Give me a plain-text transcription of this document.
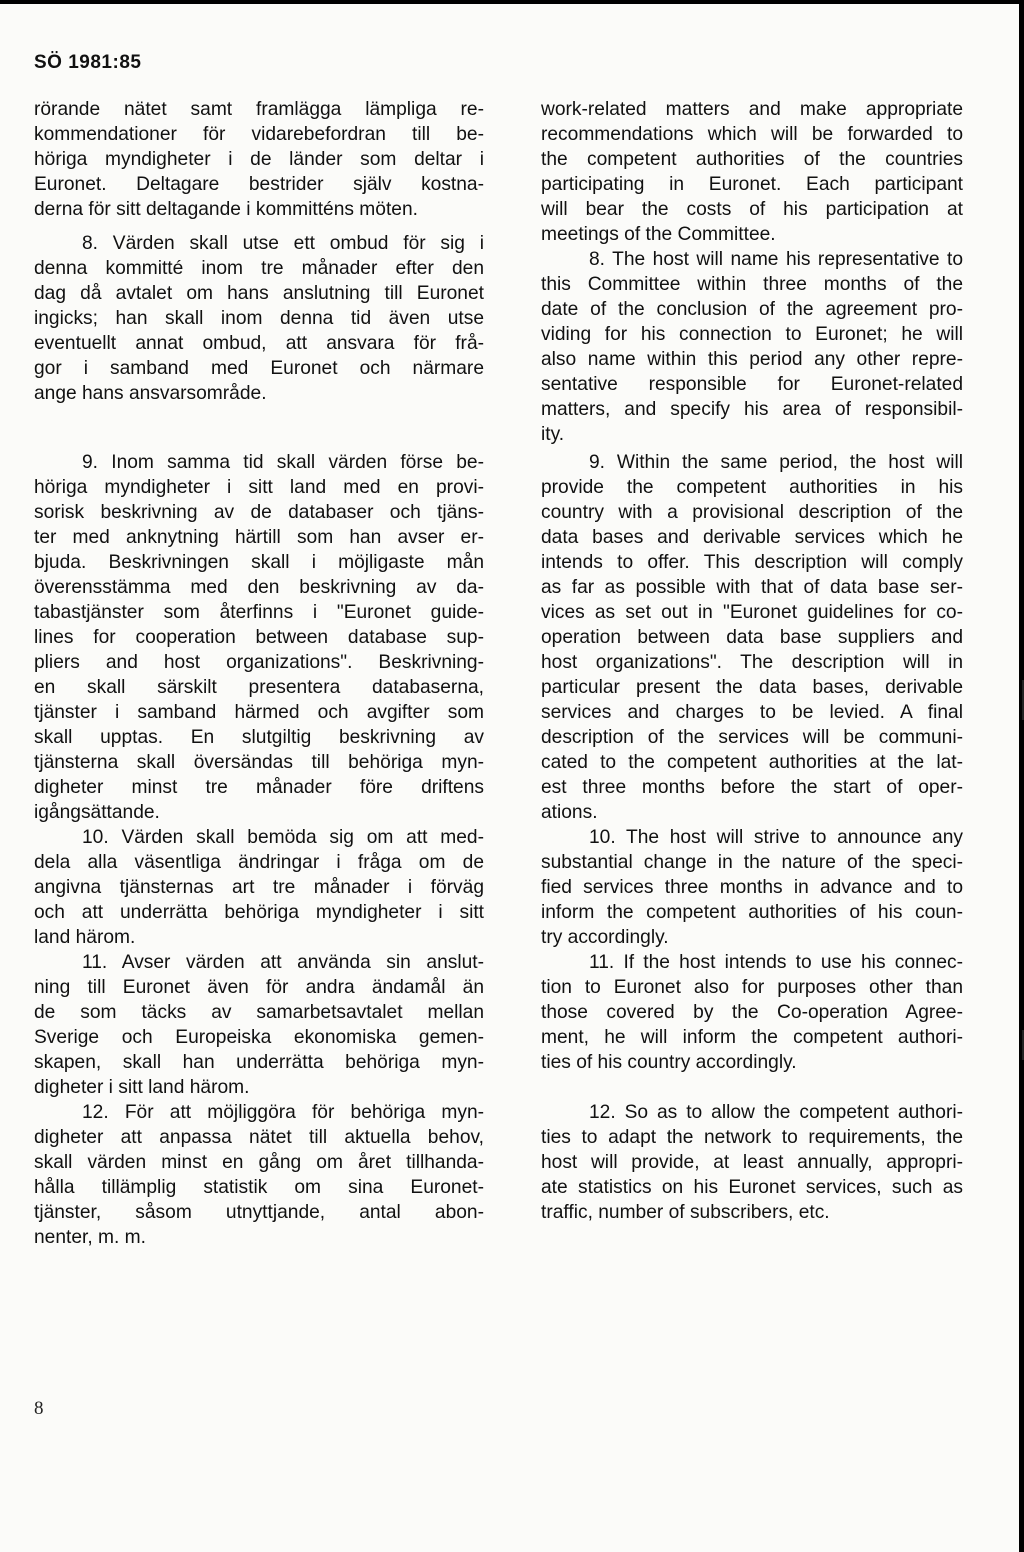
SÖ 1981:85
rörande nätet samt framlägga lämpliga re-
kommendationer för vidarebefordran till be-
höriga myndigheter i de länder som deltar i
Euronet. Deltagare bestrider själv kostna-
derna för sitt deltagande i kommitténs möten.
8. Värden skall utse ett ombud för sig i
denna kommitté inom tre månader efter den
dag då avtalet om hans anslutning till Euronet
ingicks; han skall inom denna tid även utse
eventuellt annat ombud, att ansvara för frå-
gor i samband med Euronet och närmare
ange hans ansvarsområde.
9. Inom samma tid skall värden förse be-
höriga myndigheter i sitt land med en provi-
sorisk beskrivning av de databaser och tjäns-
ter med anknytning härtill som han avser er-
bjuda. Beskrivningen skall i möjligaste mån
överensstämma med den beskrivning av da-
tabastjänster som återfinns i "Euronet guide-
lines for cooperation between database sup-
pliers and host organizations". Beskrivning-
en skall särskilt presentera databaserna,
tjänster i samband härmed och avgifter som
skall upptas. En slutgiltig beskrivning av
tjänsterna skall översändas till behöriga myn-
digheter minst tre månader före driftens
igångsättande.
10. Värden skall bemöda sig om att med-
dela alla väsentliga ändringar i fråga om de
angivna tjänsternas art tre månader i förväg
och att underrätta behöriga myndigheter i sitt
land härom.
11. Avser värden att använda sin anslut-
ning till Euronet även för andra ändamål än
de som täcks av samarbetsavtalet mellan
Sverige och Europeiska ekonomiska gemen-
skapen, skall han underrätta behöriga myn-
digheter i sitt land härom.
12. För att möjliggöra för behöriga myn-
digheter att anpassa nätet till aktuella behov,
skall värden minst en gång om året tillhanda-
hålla tillämplig statistik om sina Euronet-
tjänster, såsom utnyttjande, antal abon-
nenter, m. m.
work-related matters and make appropriate
recommendations which will be forwarded to
the competent authorities of the countries
participating in Euronet. Each participant
will bear the costs of his participation at
meetings of the Committee.
8. The host will name his representative to
this Committee within three months of the
date of the conclusion of the agreement pro-
viding for his connection to Euronet; he will
also name within this period any other repre-
sentative responsible for Euronet-related
matters, and specify his area of responsibil-
ity.
9. Within the same period, the host will
provide the competent authorities in his
country with a provisional description of the
data bases and derivable services which he
intends to offer. This description will comply
as far as possible with that of data base ser-
vices as set out in "Euronet guidelines for co-
operation between data base suppliers and
host organizations". The description will in
particular present the data bases, derivable
services and charges to be levied. A final
description of the services will be communi-
cated to the competent authorities at the lat-
est three months before the start of oper-
ations.
10. The host will strive to announce any
substantial change in the nature of the speci-
fied services three months in advance and to
inform the competent authorities of his coun-
try accordingly.
11. If the host intends to use his connec-
tion to Euronet also for purposes other than
those covered by the Co-operation Agree-
ment, he will inform the competent authori-
ties of his country accordingly.
12. So as to allow the competent authori-
ties to adapt the network to requirements, the
host will provide, at least annually, appropri-
ate statistics on his Euronet services, such as
traffic, number of subscribers, etc.
8
